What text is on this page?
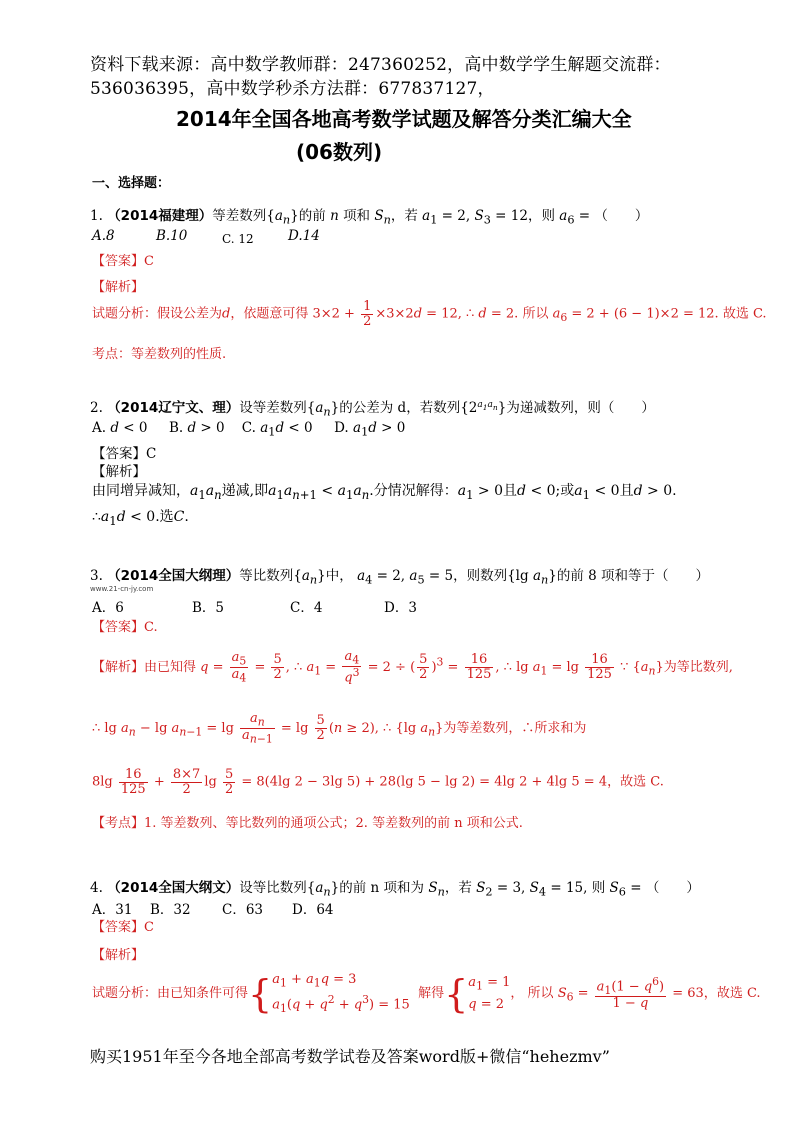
资料下载来源：高中数学教师群：247360252，高中数学学生解题交流群：
536036395，高中数学秒杀方法群：677837127，
2014年全国各地高考数学试题及解答分类汇编大全
(06数列)
一、选择题：
1. （2014福建理）等差数列$\{a_n\}$的前 n 项和 $S_n$，若 $a_1 = 2$, $S_3 = 12$，则 $a_6$ = （　　）
A.8	B.10	C. 12	D.14
【答案】C
【解析】
试题分析：假设公差为d，依题意可得 $3\times 2 + \frac{1}{2} \times 3\times 2d = 12$, ∴ d = 2. 所以 $a_6 = 2 + (6 - 1)\times 2 = 12$. 故选 C.
考点：等差数列的性质.
2. （2014辽宁文、理）设等差数列$\{a_n\}$的公差为 d，若数列$\{2^{a_1a_n}\}$为递减数列，则（　　）
A. d < 0     B. d > 0    C. $a_1d < 0$     D. $a_1d > 0$
【答案】C
【解析】
由同增异减知，$a_1a_n$递减,即$a_1a_{n+1} < a_1a_n$.分情况解得：$a_1 > 0$且d < 0;或$a_1 < 0$且d > 0.
$\therefore a_1d < 0$.选C.
3. （2014全国大纲理）等比数列$\{a_n\}$中， $a_4 = 2$, $a_5 = 5$，则数列{lg $a_n$}的前 8 项和等于（　　）
www.21-cn-jy.com
A．6	B．5	C．4	D．3
【答案】C.
【解析】由已知得 $q = \frac{a_5}{a_4} = \frac{5}{2}$ , ∴ $a_1 = \frac{a_4}{q^3} = 2$ ÷ ( $\frac{5}{2} )^3 = \frac{16}{125}$ , ∴ $\lg a_1 = \lg \frac{16}{125}$ ∵ $\{a_n\}$为等比数列,
∴ $\lg a_n - \lg a_{n-1} = \lg \frac{a_n}{a_{n-1}} = \lg \frac{5}{2} (n \ge 2)$, ∴ {lg $a_n$}为等差数列，∴所求和为
$8\lg \frac{16}{125} + \frac{8\times 7}{2}$ $\lg \frac{5}{2} = 8(4\lg$ 2 − 3lg 5) + 28(lg 5 − lg 2) = 4lg 2 + 4lg 5 = 4，故选 C.
【考点】1. 等差数列、等比数列的通项公式；2. 等差数列的前 n 项和公式.
4. （2014全国大纲文）设等比数列$\{a_n\}$的前 n 项和为 $S_n$，若 $S_2 = 3$, $S_4 = 15$, 则 $S_6$ = （　　）
A．31 B．32 C．63 D．64
【答案】C
【解析】
试题分析：由已知条件可得{ $a_1 + a_1q = 3$
$a_1(q + q^2 + q^3) = 15$
解得{ $a_1 = 1$
q = 2
， 所以 $S_6 = \frac{a_1(1 - q^6)}{1 - q} = 63$，故选 C.
购买1951年至今各地全部高考数学试卷及答案word版+微信“hehezmv”
